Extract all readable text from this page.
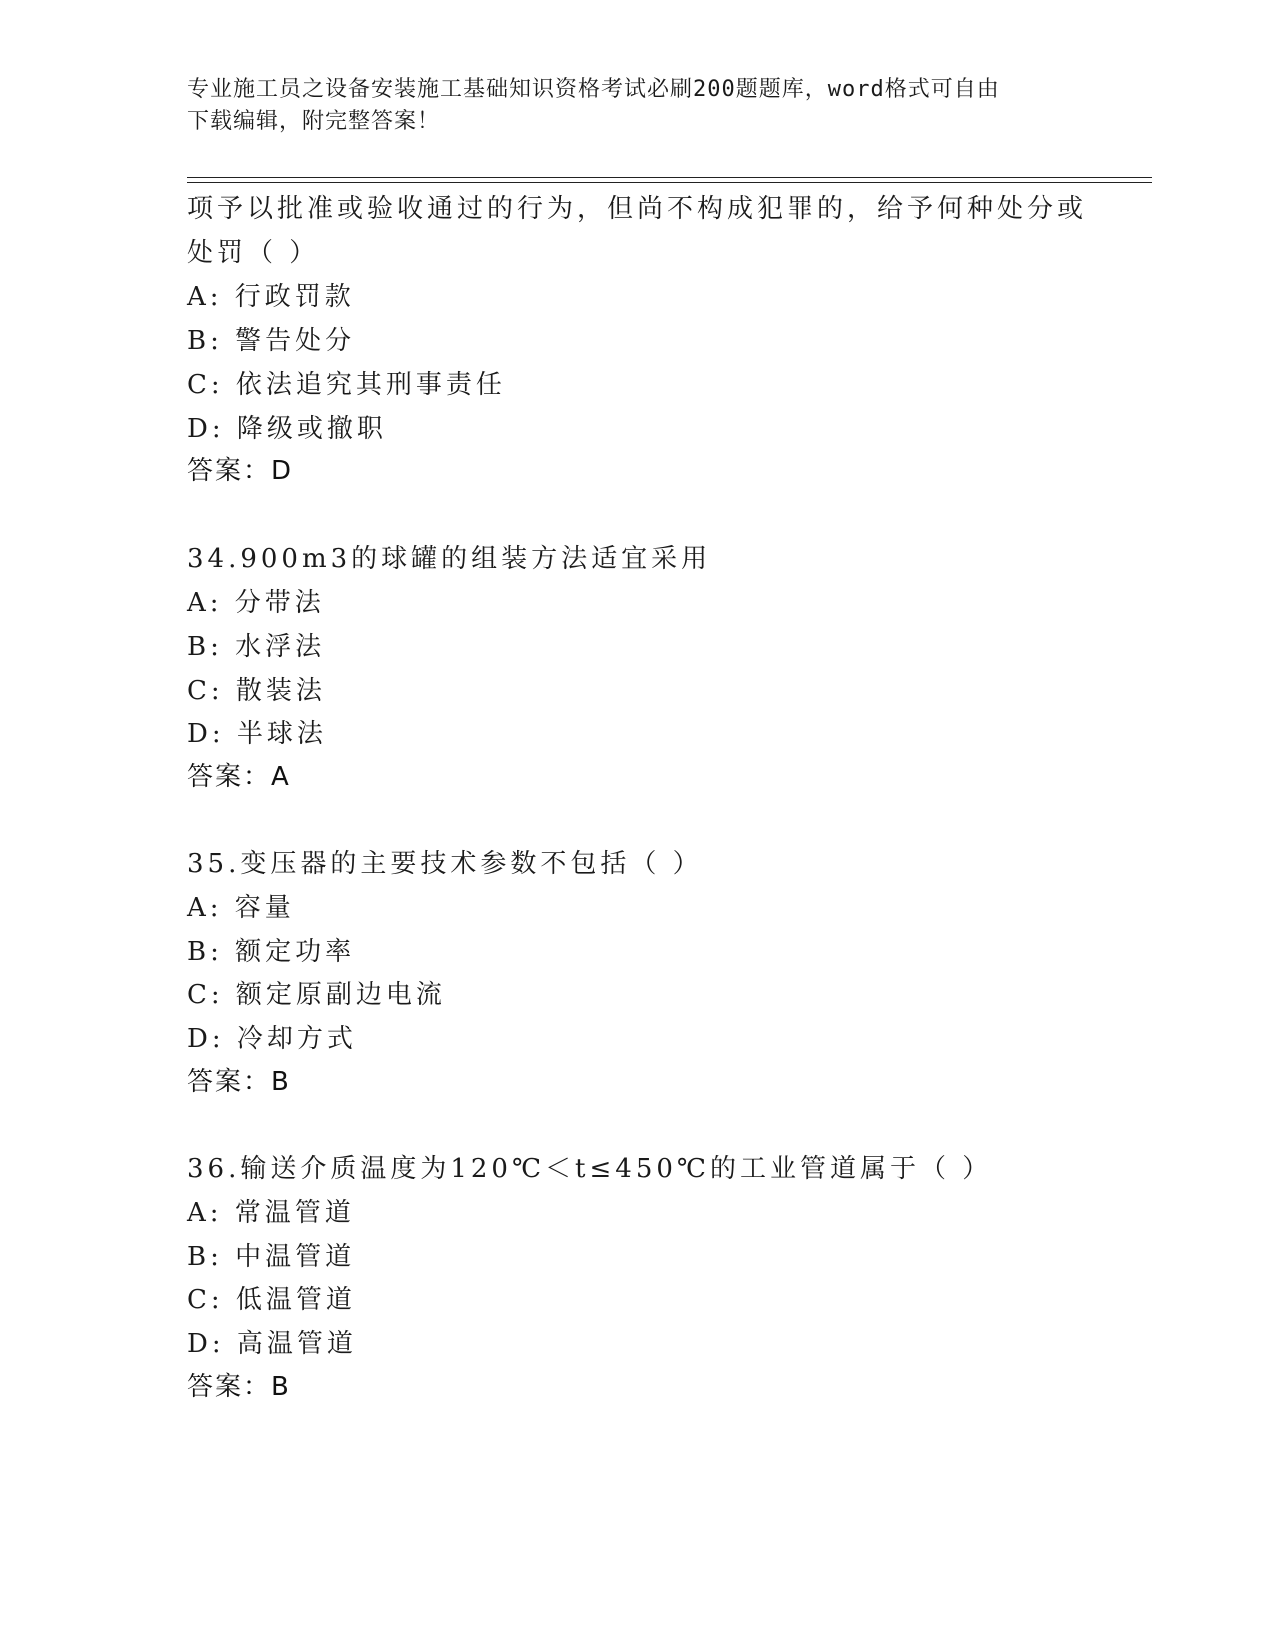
专业施工员之设备安装施工基础知识资格考试必刷200题题库，word格式可自由
下载编辑，附完整答案！
项予以批准或验收通过的行为，但尚不构成犯罪的，给予何种处分或
处罚（ ）
A: 行政罚款
B: 警告处分
C: 依法追究其刑事责任
D: 降级或撤职
答案：D
34.900m3的球罐的组装方法适宜采用
A: 分带法
B: 水浮法
C: 散装法
D: 半球法
答案：A
35.变压器的主要技术参数不包括（ ）
A: 容量
B: 额定功率
C: 额定原副边电流
D: 冷却方式
答案：B
36.输送介质温度为120℃＜t≤450℃的工业管道属于（ ）
A: 常温管道
B: 中温管道
C: 低温管道
D: 高温管道
答案：B
